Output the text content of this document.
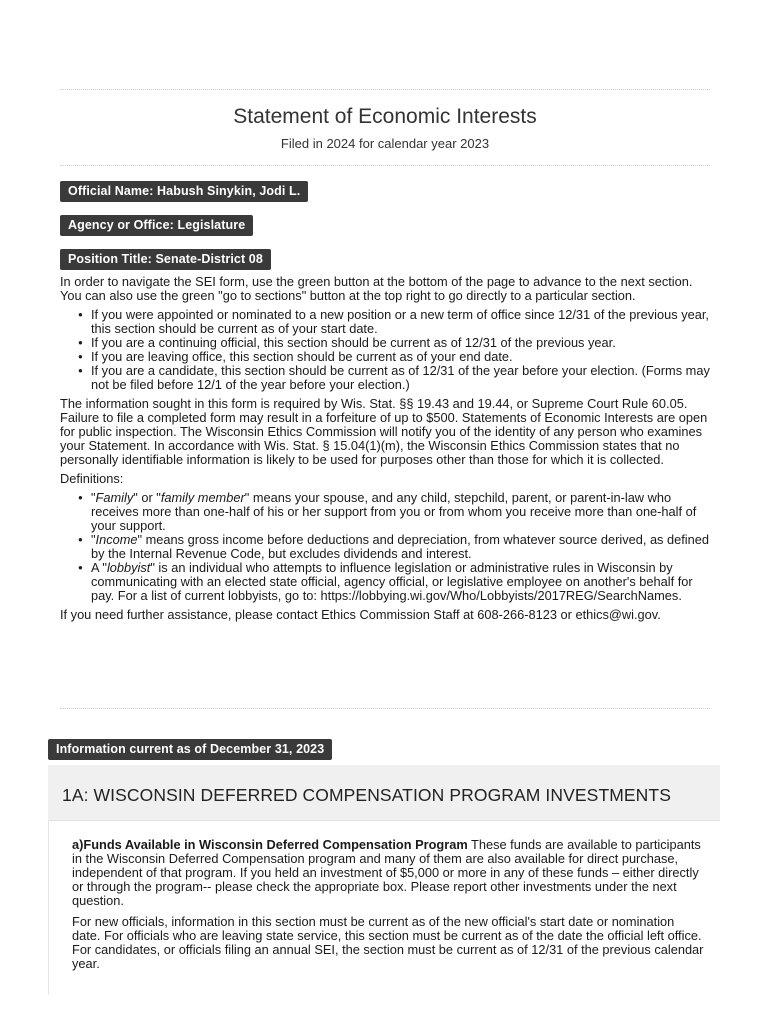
Statement of Economic Interests
Filed in 2024 for calendar year 2023
Official Name: Habush Sinykin, Jodi L.
Agency or Office: Legislature
Position Title: Senate-District 08

In order to navigate the SEI form, use the green button at the bottom of the page to advance to the next section. You can also use the green "go to sections" button at the top right to go directly to a particular section.

● If you were appointed or nominated to a new position or a new term of office since 12/31 of the previous year, this section should be current as of your start date.
● If you are a continuing official, this section should be current as of 12/31 of the previous year.
● If you are leaving office, this section should be current as of your end date.
● If you are a candidate, this section should be current as of 12/31 of the year before your election. (Forms may not be filed before 12/1 of the year before your election.)

The information sought in this form is required by Wis. Stat. §§ 19.43 and 19.44, or Supreme Court Rule 60.05. Failure to file a completed form may result in a forfeiture of up to $500. Statements of Economic Interests are open for public inspection. The Wisconsin Ethics Commission will notify you of the identity of any person who examines your Statement. In accordance with Wis. Stat. § 15.04(1)(m), the Wisconsin Ethics Commission states that no personally identifiable information is likely to be used for purposes other than those for which it is collected.

Definitions:

● "Family" or "family member" means your spouse, and any child, stepchild, parent, or parent-in-law who receives more than one-half of his or her support from you or from whom you receive more than one-half of your support.
● "Income" means gross income before deductions and depreciation, from whatever source derived, as defined by the Internal Revenue Code, but excludes dividends and interest.
● A "lobbyist" is an individual who attempts to influence legislation or administrative rules in Wisconsin by communicating with an elected state official, agency official, or legislative employee on another's behalf for pay. For a list of current lobbyists, go to: https://lobbying.wi.gov/Who/Lobbyists/2017REG/SearchNames.

If you need further assistance, please contact Ethics Commission Staff at 608-266-8123 or ethics@wi.gov.

Information current as of December 31, 2023
1A: WISCONSIN DEFERRED COMPENSATION PROGRAM INVESTMENTS
a)Funds Available in Wisconsin Deferred Compensation Program These funds are available to participants in the Wisconsin Deferred Compensation program and many of them are also available for direct purchase, independent of that program. If you held an investment of $5,000 or more in any of these funds – either directly or through the program-- please check the appropriate box. Please report other investments under the next question.
For new officials, information in this section must be current as of the new official's start date or nomination date. For officials who are leaving state service, this section must be current as of the date the official left office. For candidates, or officials filing an annual SEI, the section must be current as of 12/31 of the previous calendar year.
